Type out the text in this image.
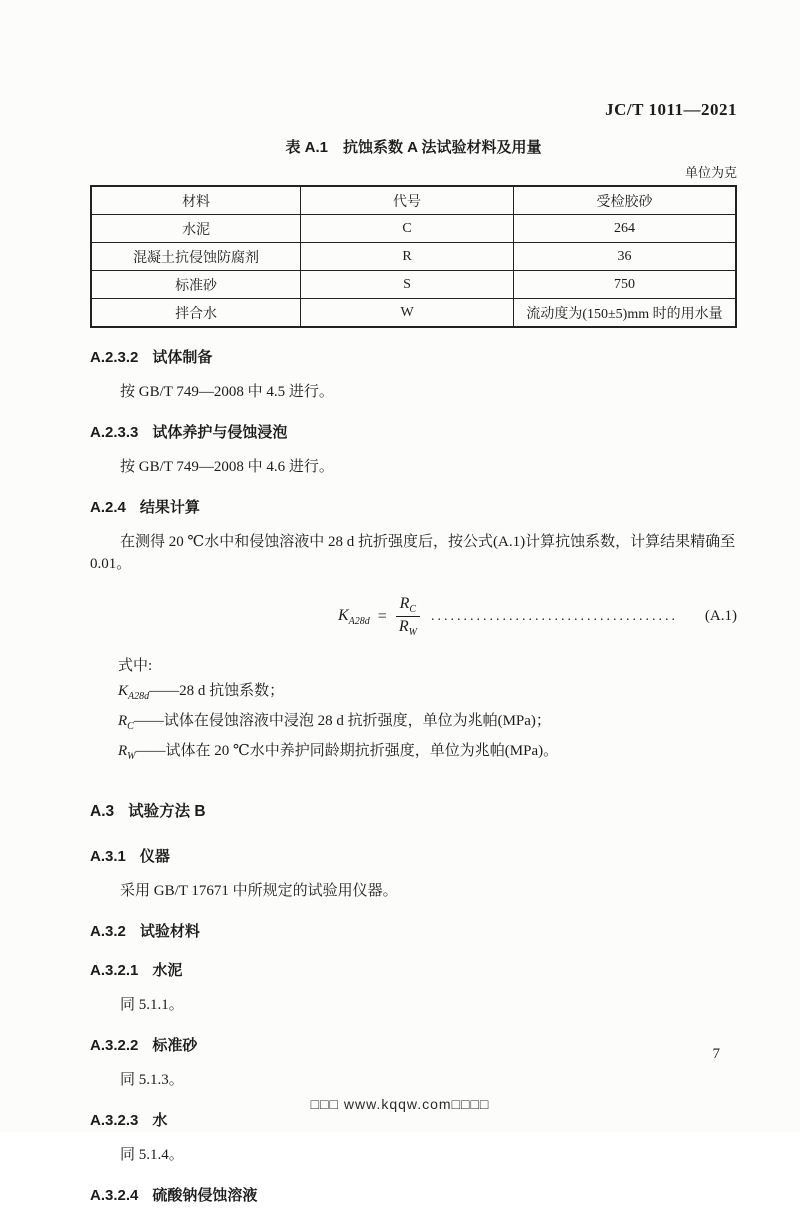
JC/T 1011—2021
表 A.1　抗蚀系数 A 法试验材料及用量
单位为克
材料	代号	受检胶砂
水泥	C	264
混凝土抗侵蚀防腐剂	R	36
标准砂	S	750
拌合水	W	流动度为(150±5)mm 时的用水量
A.2.3.2 试体制备

按 GB/T 749—2008 中 4.5 进行。

A.2.3.3 试体养护与侵蚀浸泡

按 GB/T 749—2008 中 4.6 进行。

A.2.4 结果计算

在测得 20 ℃水中和侵蚀溶液中 28 d 抗折强度后，按公式(A.1)计算抗蚀系数，计算结果精确至 0.01。

$K_{A28d} = \frac{R_C}{R_W}$ ......................................	(A.1)
式中:
$K_{A28d}——28$ d 抗蚀系数；
$R_C——$试体在侵蚀溶液中浸泡 28 d 抗折强度，单位为兆帕(MPa)；
$R_W——$试体在 20 ℃水中养护同龄期抗折强度，单位为兆帕(MPa)。
A.3 试验方法 B
A.3.1 仪器

采用 GB/T 17671 中所规定的试验用仪器。

A.3.2 试验材料
A.3.2.1 水泥

同 5.1.1。

A.3.2.2 标准砂

同 5.1.3。

A.3.2.3 水

同 5.1.4。

A.3.2.4 硫酸钠侵蚀溶液
7
□□□ www.kqqw.com□□□□
